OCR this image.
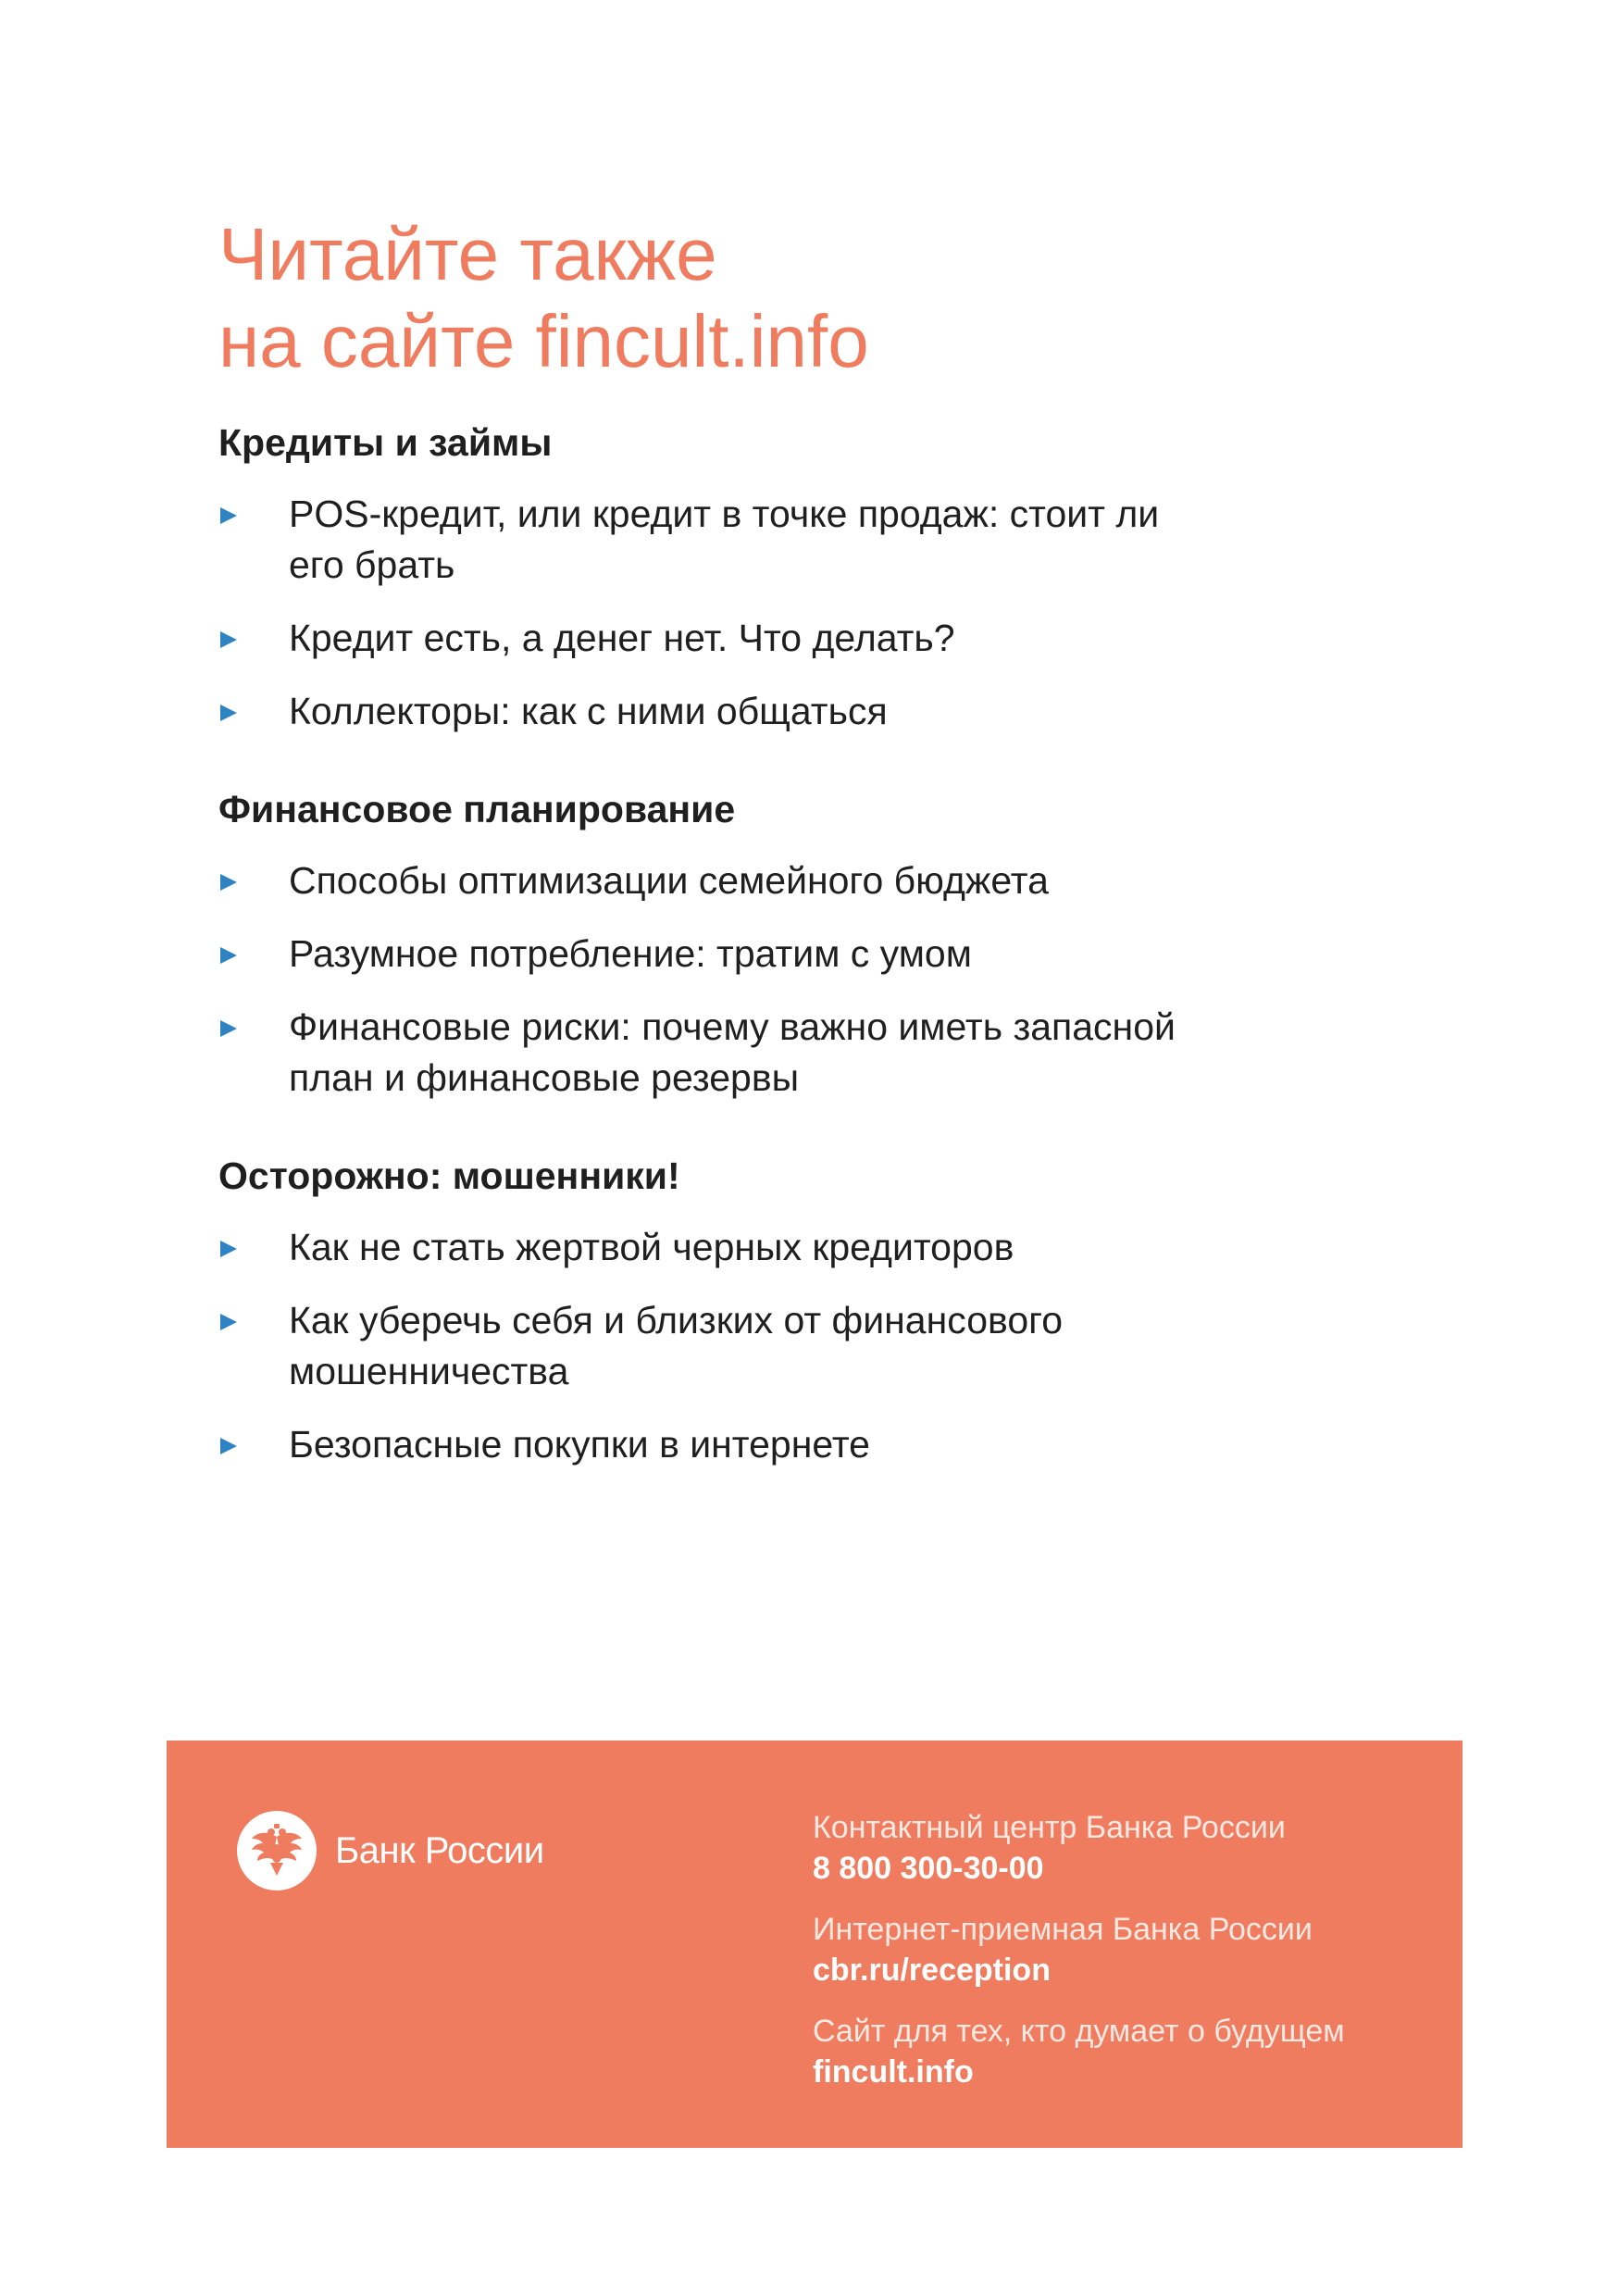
Читайте также
на сайте fincult.info
Кредиты и займы
POS-кредит, или кредит в точке продаж: стоит ли его брать
Кредит есть, а денег нет. Что делать?
Коллекторы: как с ними общаться
Финансовое планирование
Способы оптимизации семейного бюджета
Разумное потребление: тратим с умом
Финансовые риски: почему важно иметь запасной план и финансовые резервы
Осторожно: мошенники!
Как не стать жертвой черных кредиторов
Как уберечь себя и близких от финансового мошенничества
Безопасные покупки в интернете
Банк России
Контактный центр Банка России
8 800 300-30-00
Интернет-приемная Банка России
cbr.ru/reception
Сайт для тех, кто думает о будущем
fincult.info
